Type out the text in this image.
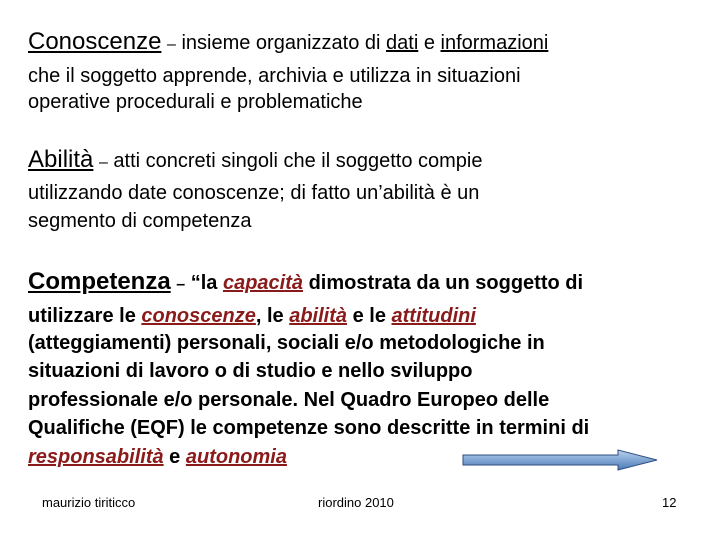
Conoscenze – insieme organizzato di dati e informazioni
che il soggetto apprende, archivia e utilizza in situazioni
operative procedurali e problematiche
Abilità – atti concreti singoli che il soggetto compie
utilizzando date conoscenze; di fatto un’abilità è un
segmento di competenza
Competenza – “la capacità dimostrata da un soggetto di
utilizzare le conoscenze, le abilità e le attitudini
(atteggiamenti) personali, sociali e/o metodologiche in
situazioni di lavoro o di studio e nello sviluppo
professionale e/o personale. Nel Quadro Europeo delle
Qualifiche (EQF) le competenze sono descritte in termini di
responsabilità e autonomia
maurizio tiriticco	riordino 2010	12
